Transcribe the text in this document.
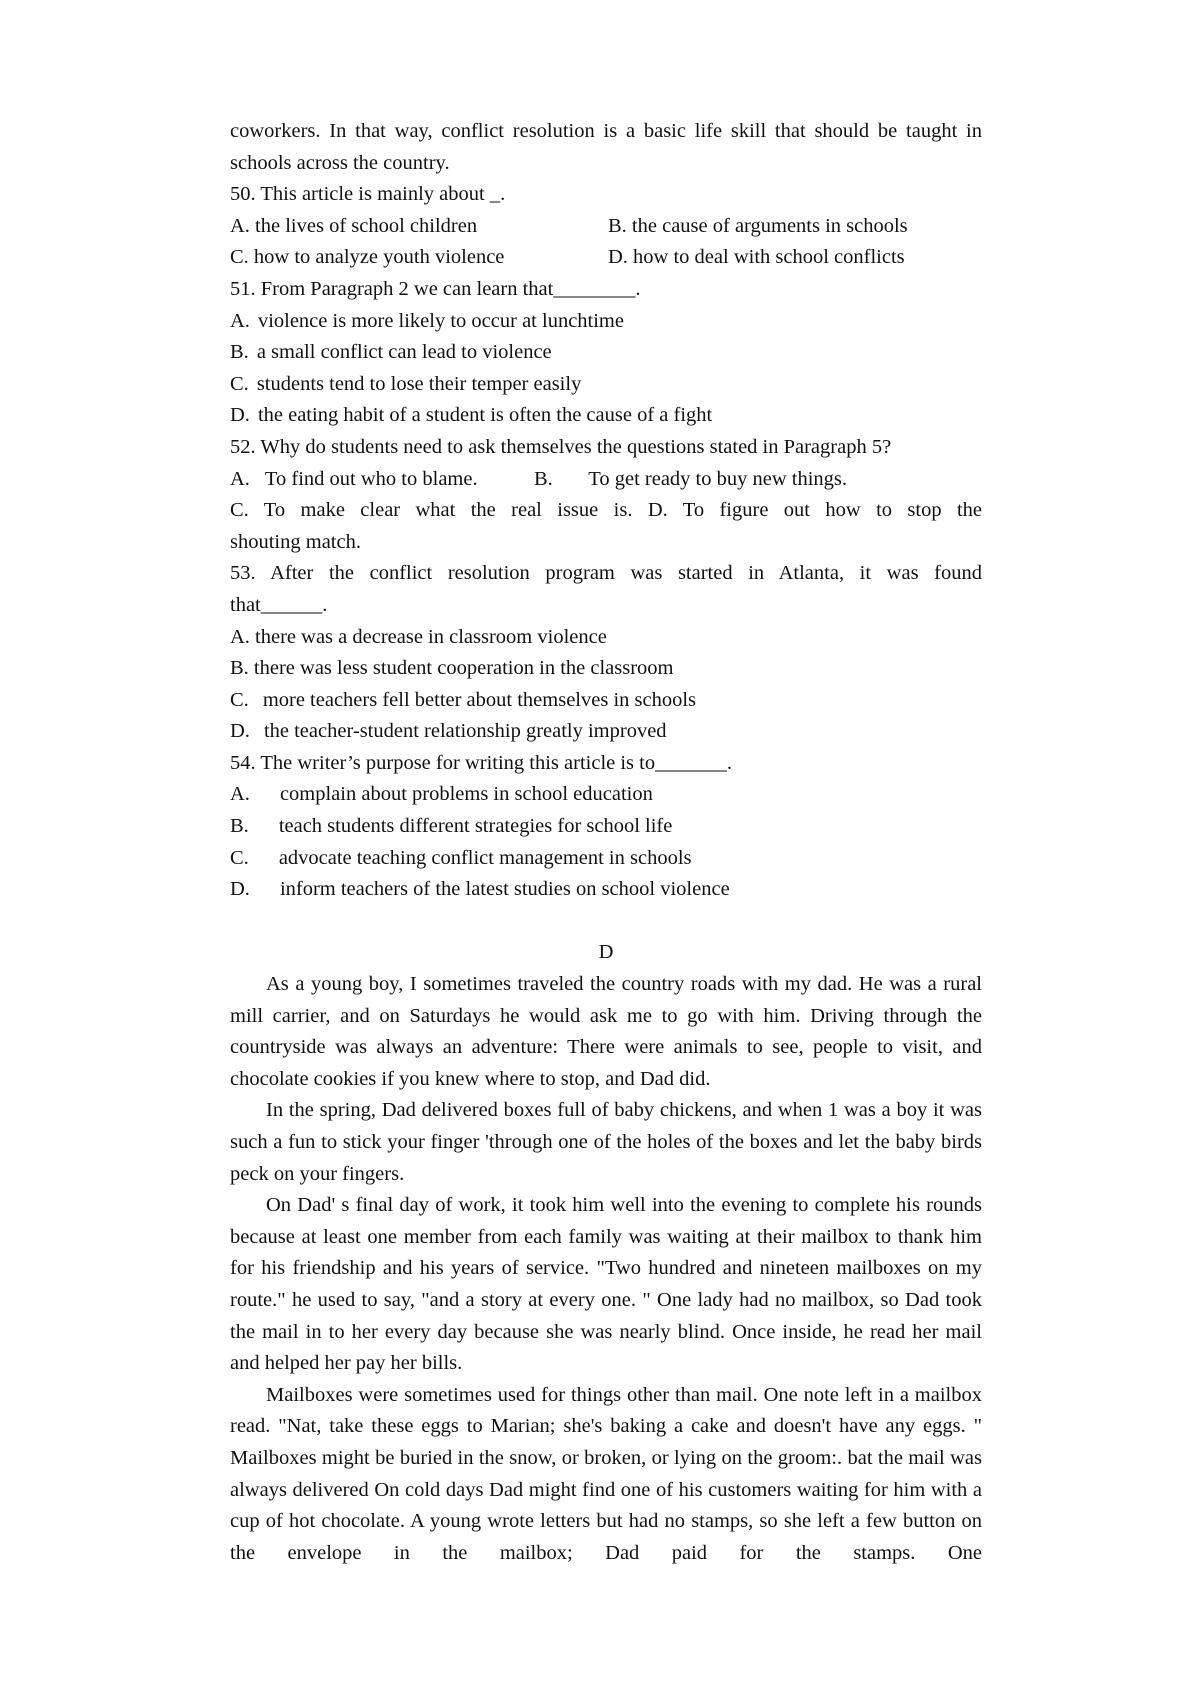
coworkers. In that way, conflict resolution is a basic life skill that should be taught in
schools across the country.
50. This article is mainly about _.
A. the lives of school children	B. the cause of arguments in schools
C. how to analyze youth violence	D. how to deal with school conflicts
51. From Paragraph 2 we can learn that________.
A. violence is more likely to occur at lunchtime
B. a small conflict can lead to violence
C. students tend to lose their temper easily
D. the eating habit of a student is often the cause of a fight
52. Why do students need to ask themselves the questions stated in Paragraph 5?
A.   To find out who to blame.           B.       To get ready to buy new things.
C. To make clear what the real issue is. D. To figure out how to stop the
shouting match.
53. After the conflict resolution program was started in Atlanta, it was found
that______.
A. there was a decrease in classroom violence
B. there was less student cooperation in the classroom
C. more teachers fell better about themselves in schools
D. the teacher-student relationship greatly improved
54. The writer’s purpose for writing this article is to_______.
A. complain about problems in school education
B. teach students different strategies for school life
C. advocate teaching conflict management in schools
D. inform teachers of the latest studies on school violence
D

As a young boy, I sometimes traveled the country roads with my dad. He was a rural mill carrier, and on Saturdays he would ask me to go with him. Driving through the countryside was always an adventure: There were animals to see, people to visit, and chocolate cookies if you knew where to stop, and Dad did.

In the spring, Dad delivered boxes full of baby chickens, and when 1 was a boy it was such a fun to stick your finger 'through one of the holes of the boxes and let the baby birds peck on your fingers.

On Dad' s final day of work, it took him well into the evening to complete his rounds because at least one member from each family was waiting at their mailbox to thank him for his friendship and his years of service. "Two hundred and nineteen mailboxes on my route." he used to say, "and a story at every one. " One lady had no mailbox, so Dad took the mail in to her every day because she was nearly blind. Once inside, he read her mail and helped her pay her bills.

Mailboxes were sometimes used for things other than mail. One note left in a mailbox read. "Nat, take these eggs to Marian; she's baking a cake and doesn't have any eggs. " Mailboxes might be buried in the snow, or broken, or lying on the groom:. bat the mail was always delivered On cold days Dad might find one of his customers waiting for him with a cup of hot chocolate. A young wrote letters but had no stamps, so she left a few button on the envelope in the mailbox; Dad paid for the stamps. One
